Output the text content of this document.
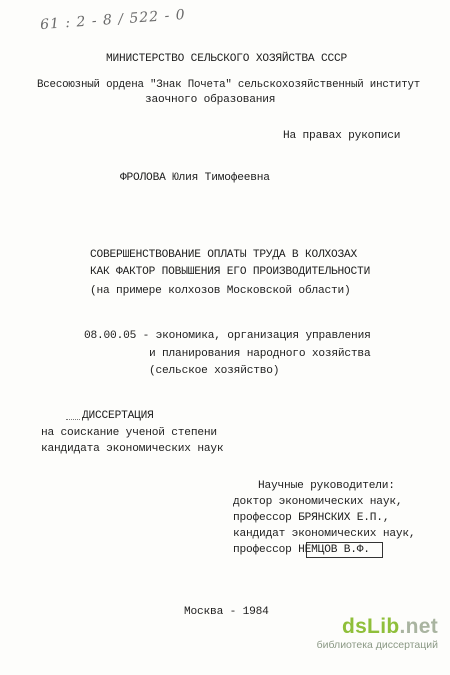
61 : 2 - 8 / 522 - 0
МИНИСТЕРСТВО СЕЛЬСКОГО ХОЗЯЙСТВА СССР
Всесоюзный ордена "Знак Почета" сельскохозяйственный институт
заочного образования
На правах рукописи
ФРОЛОВА Юлия Тимофеевна
СОВЕРШЕНСТВОВАНИЕ ОПЛАТЫ ТРУДА В КОЛХОЗАХ
КАК ФАКТОР ПОВЫШЕНИЯ ЕГО ПРОИЗВОДИТЕЛЬНОСТИ
(на примере колхозов Московской области)
08.00.05 - экономика, организация управления
и планирования народного хозяйства
(сельское хозяйство)
ДИССЕРТАЦИЯ
на соискание ученой степени
кандидата экономических наук
Научные руководители:
доктор экономических наук,
профессор БРЯНСКИХ Е.П.,
кандидат экономических наук,
профессор НЕМЦОВ В.Ф.
Москва - 1984
dsLib.net
библиотека диссертаций
